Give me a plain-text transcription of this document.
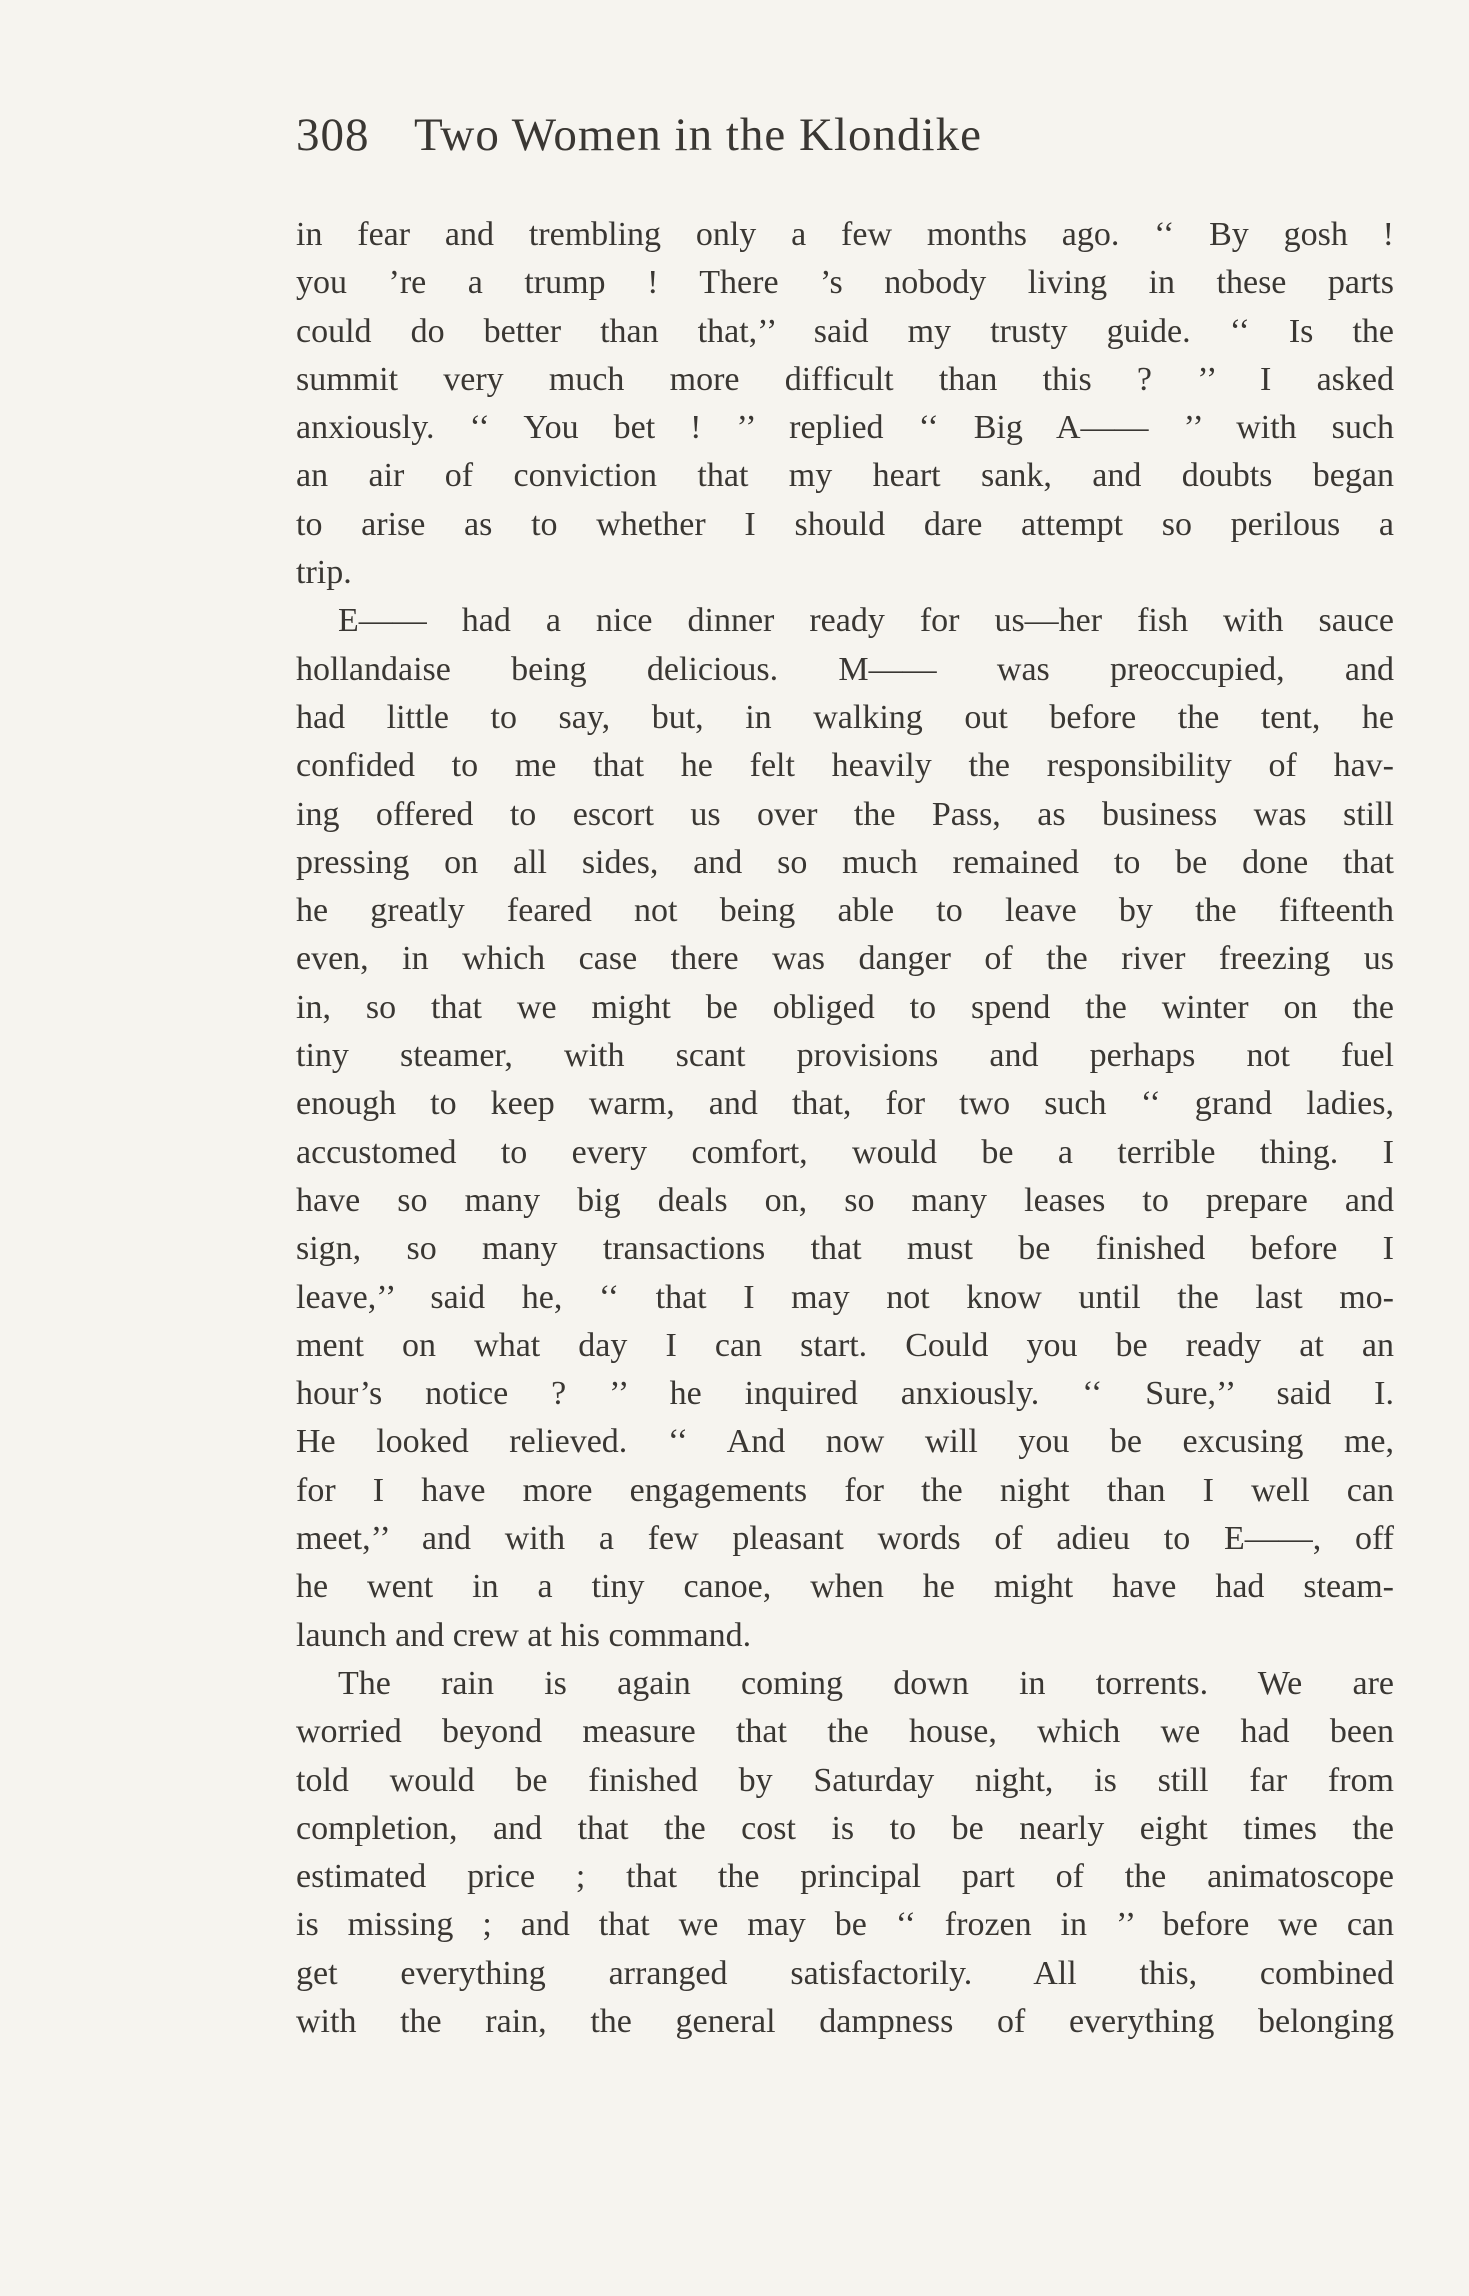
308 Two Women in the Klondike
in fear and trembling only a few months ago. ‘‘ By gosh !
you ’re a trump ! There ’s nobody living in these parts
could do better than that,’’ said my trusty guide. ‘‘ Is the
summit very much more difficult than this ? ’’ I asked
anxiously. ‘‘ You bet ! ’’ replied ‘‘ Big A—— ’’ with such
an air of conviction that my heart sank, and doubts began
to arise as to whether I should dare attempt so perilous a
trip.
E—— had a nice dinner ready for us—her fish with sauce
hollandaise being delicious. M—— was preoccupied, and
had little to say, but, in walking out before the tent, he
confided to me that he felt heavily the responsibility of hav-
ing offered to escort us over the Pass, as business was still
pressing on all sides, and so much remained to be done that
he greatly feared not being able to leave by the fifteenth
even, in which case there was danger of the river freezing us
in, so that we might be obliged to spend the winter on the
tiny steamer, with scant provisions and perhaps not fuel
enough to keep warm, and that, for two such ‘‘ grand ladies,
accustomed to every comfort, would be a terrible thing. I
have so many big deals on, so many leases to prepare and
sign, so many transactions that must be finished before I
leave,’’ said he, ‘‘ that I may not know until the last mo-
ment on what day I can start. Could you be ready at an
hour’s notice ? ’’ he inquired anxiously. ‘‘ Sure,’’ said I.
He looked relieved. ‘‘ And now will you be excusing me,
for I have more engagements for the night than I well can
meet,’’ and with a few pleasant words of adieu to E——, off
he went in a tiny canoe, when he might have had steam-
launch and crew at his command.
The rain is again coming down in torrents. We are
worried beyond measure that the house, which we had been
told would be finished by Saturday night, is still far from
completion, and that the cost is to be nearly eight times the
estimated price ; that the principal part of the animatoscope
is missing ; and that we may be ‘‘ frozen in ’’ before we can
get everything arranged satisfactorily. All this, combined
with the rain, the general dampness of everything belonging
